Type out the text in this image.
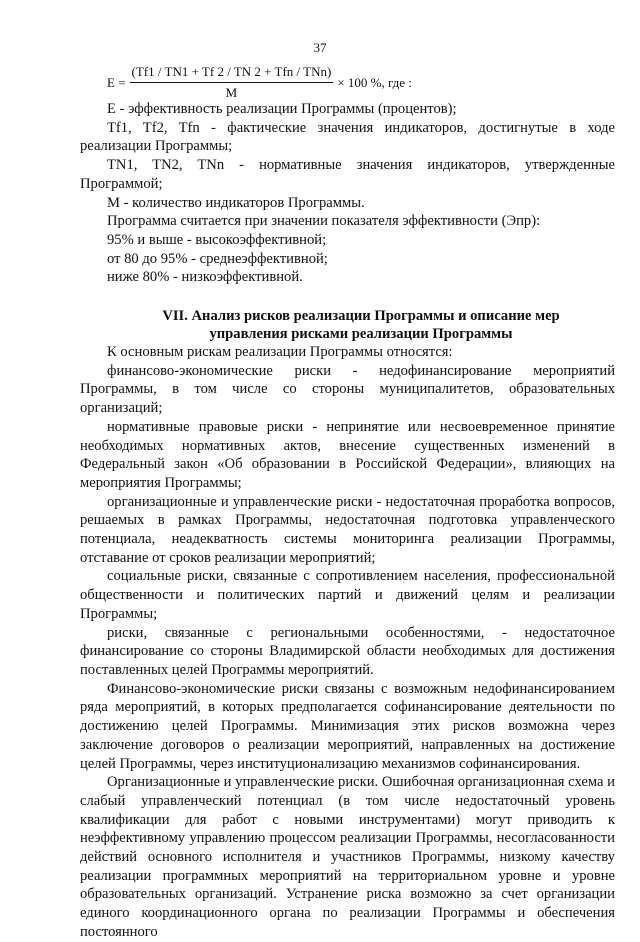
37
$E = \frac{\text{(Tf1 / TN1 + Tf 2 / TN 2 + Tfn / TNn)}}{M} \times 100$ %, где :

Е - эффективность реализации Программы (процентов);

Tf1, Tf2, Tfn - фактические значения индикаторов, достигнутые в ходе реализации Программы;

TN1, TN2, TNn - нормативные значения индикаторов, утвержденные Программой;

М - количество индикаторов Программы.

Программа считается при значении показателя эффективности (Эпр):

95% и выше - высокоэффективной;

от 80 до 95% - среднеэффективной;

ниже 80% - низкоэффективной.

VII. Анализ рисков реализации Программы и описание мер
управления рисками реализации Программы

К основным рискам реализации Программы относятся:

финансово-экономические риски - недофинансирование мероприятий Программы, в том числе со стороны муниципалитетов, образовательных организаций;

нормативные правовые риски - непринятие или несвоевременное принятие необходимых нормативных актов, внесение существенных изменений в Федеральный закон «Об образовании в Российской Федерации», влияющих на мероприятия Программы;

организационные и управленческие риски - недостаточная проработка вопросов, решаемых в рамках Программы, недостаточная подготовка управленческого потенциала, неадекватность системы мониторинга реализации Программы, отставание от сроков реализации мероприятий;

социальные риски, связанные с сопротивлением населения, профессиональной общественности и политических партий и движений целям и реализации Программы;

риски, связанные с региональными особенностями, - недостаточное финансирование со стороны Владимирской области необходимых для достижения поставленных целей Программы мероприятий.

Финансово-экономические риски связаны с возможным недофинансированием ряда мероприятий, в которых предполагается софинансирование деятельности по достижению целей Программы. Минимизация этих рисков возможна через заключение договоров о реализации мероприятий, направленных на достижение целей Программы, через институционализацию механизмов софинансирования.

Организационные и управленческие риски. Ошибочная организационная схема и слабый управленческий потенциал (в том числе недостаточный уровень квалификации для работ с новыми инструментами) могут приводить к неэффективному управлению процессом реализации Программы, несогласованности действий основного исполнителя и участников Программы, низкому качеству реализации программных мероприятий на территориальном уровне и уровне образовательных организаций. Устранение риска возможно за счет организации единого координационного органа по реализации Программы и обеспечения постоянного
